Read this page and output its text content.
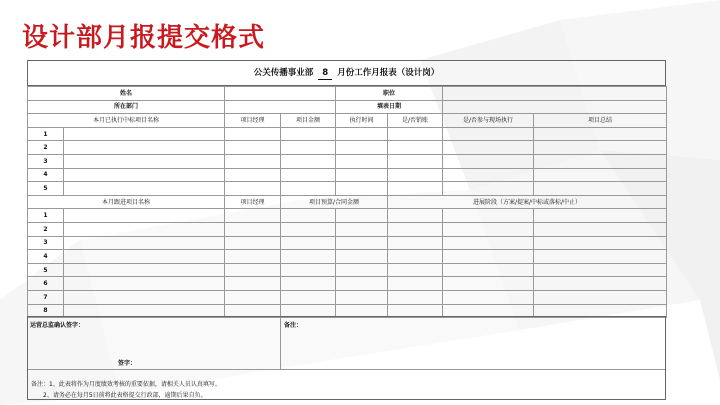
设计部月报提交格式
公关传播事业部 8 月份工作月报表（设计岗）
姓名				职位			
所在部门				填表日期			
本月已执行中标项目名称		项目经理	项目金额	执行时间	是/否销账	是/否参与现场执行	项目总结
1							
2							
3							
4							
5							
本月跟进项目名称		项目经理	项目预算/合同金额		进展阶段（方案/提案/中标或落标/中止）		
1							
2							
3							
4							
5							
6							
7							
8							
运营总监确认签字：
签字：
备注：
备注：1、此表将作为月度绩效考核的重要依据，请相关人员认真填写。
2、请务必在每月5日前将此表格提交行政部，逾期后果自负。
